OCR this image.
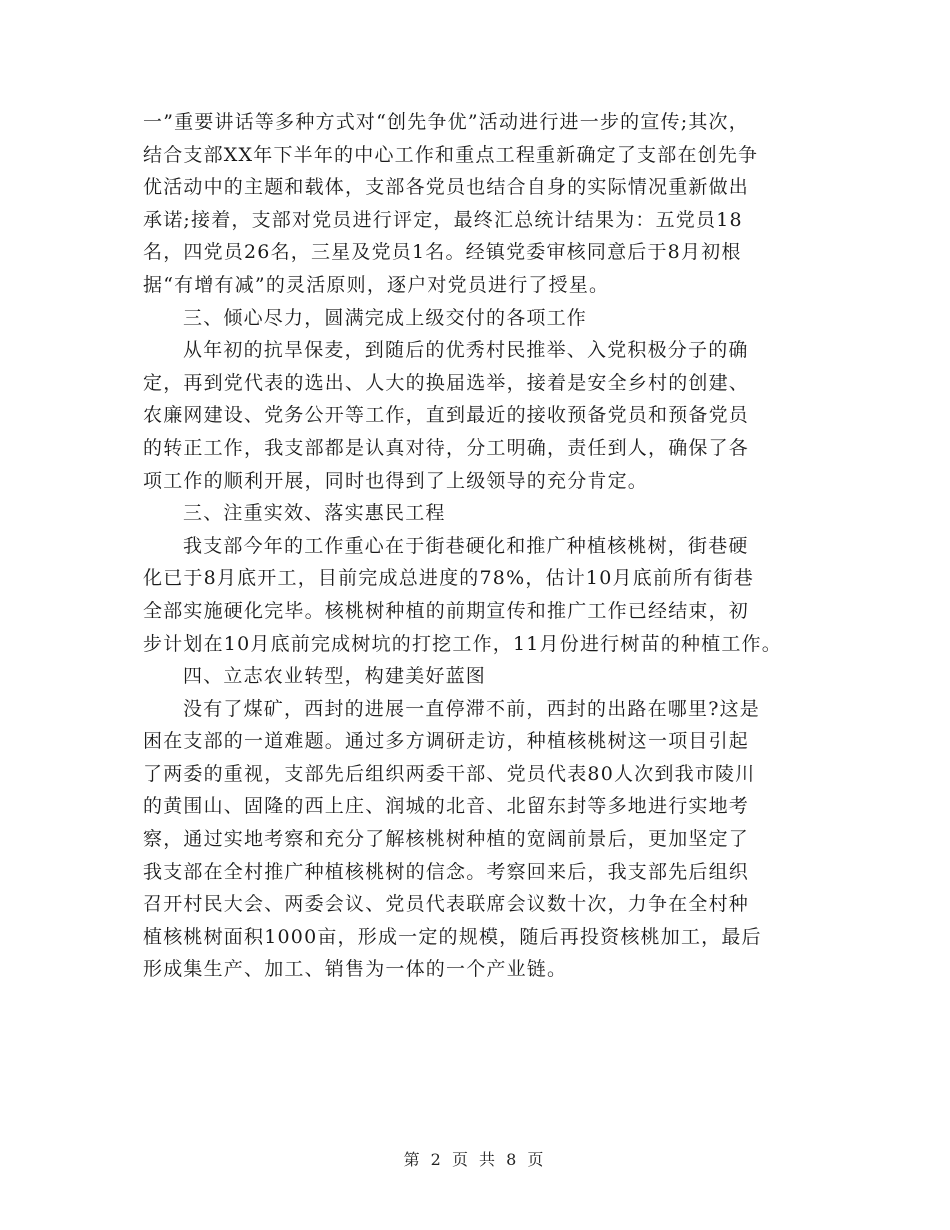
一”重要讲话等多种方式对“创先争优”活动进行进一步的宣传;其次，
结合支部XX年下半年的中心工作和重点工程重新确定了支部在创先争
优活动中的主题和载体，支部各党员也结合自身的实际情况重新做出
承诺;接着，支部对党员进行评定，最终汇总统计结果为：五党员18
名，四党员26名，三星及党员1名。经镇党委审核同意后于8月初根
据“有增有减”的灵活原则，逐户对党员进行了授星。
三、倾心尽力，圆满完成上级交付的各项工作
从年初的抗旱保麦，到随后的优秀村民推举、入党积极分子的确
定，再到党代表的选出、人大的换届选举，接着是安全乡村的创建、
农廉网建设、党务公开等工作，直到最近的接收预备党员和预备党员
的转正工作，我支部都是认真对待，分工明确，责任到人，确保了各
项工作的顺利开展，同时也得到了上级领导的充分肯定。
三、注重实效、落实惠民工程
我支部今年的工作重心在于街巷硬化和推广种植核桃树，街巷硬
化已于8月底开工，目前完成总进度的78%，估计10月底前所有街巷
全部实施硬化完毕。核桃树种植的前期宣传和推广工作已经结束，初
步计划在10月底前完成树坑的打挖工作，11月份进行树苗的种植工作。
四、立志农业转型，构建美好蓝图
没有了煤矿，西封的进展一直停滞不前，西封的出路在哪里?这是
困在支部的一道难题。通过多方调研走访，种植核桃树这一项目引起
了两委的重视，支部先后组织两委干部、党员代表80人次到我市陵川
的黄围山、固隆的西上庄、润城的北音、北留东封等多地进行实地考
察，通过实地考察和充分了解核桃树种植的宽阔前景后，更加坚定了
我支部在全村推广种植核桃树的信念。考察回来后，我支部先后组织
召开村民大会、两委会议、党员代表联席会议数十次，力争在全村种
植核桃树面积1000亩，形成一定的规模，随后再投资核桃加工，最后
形成集生产、加工、销售为一体的一个产业链。
第 2 页 共 8 页
